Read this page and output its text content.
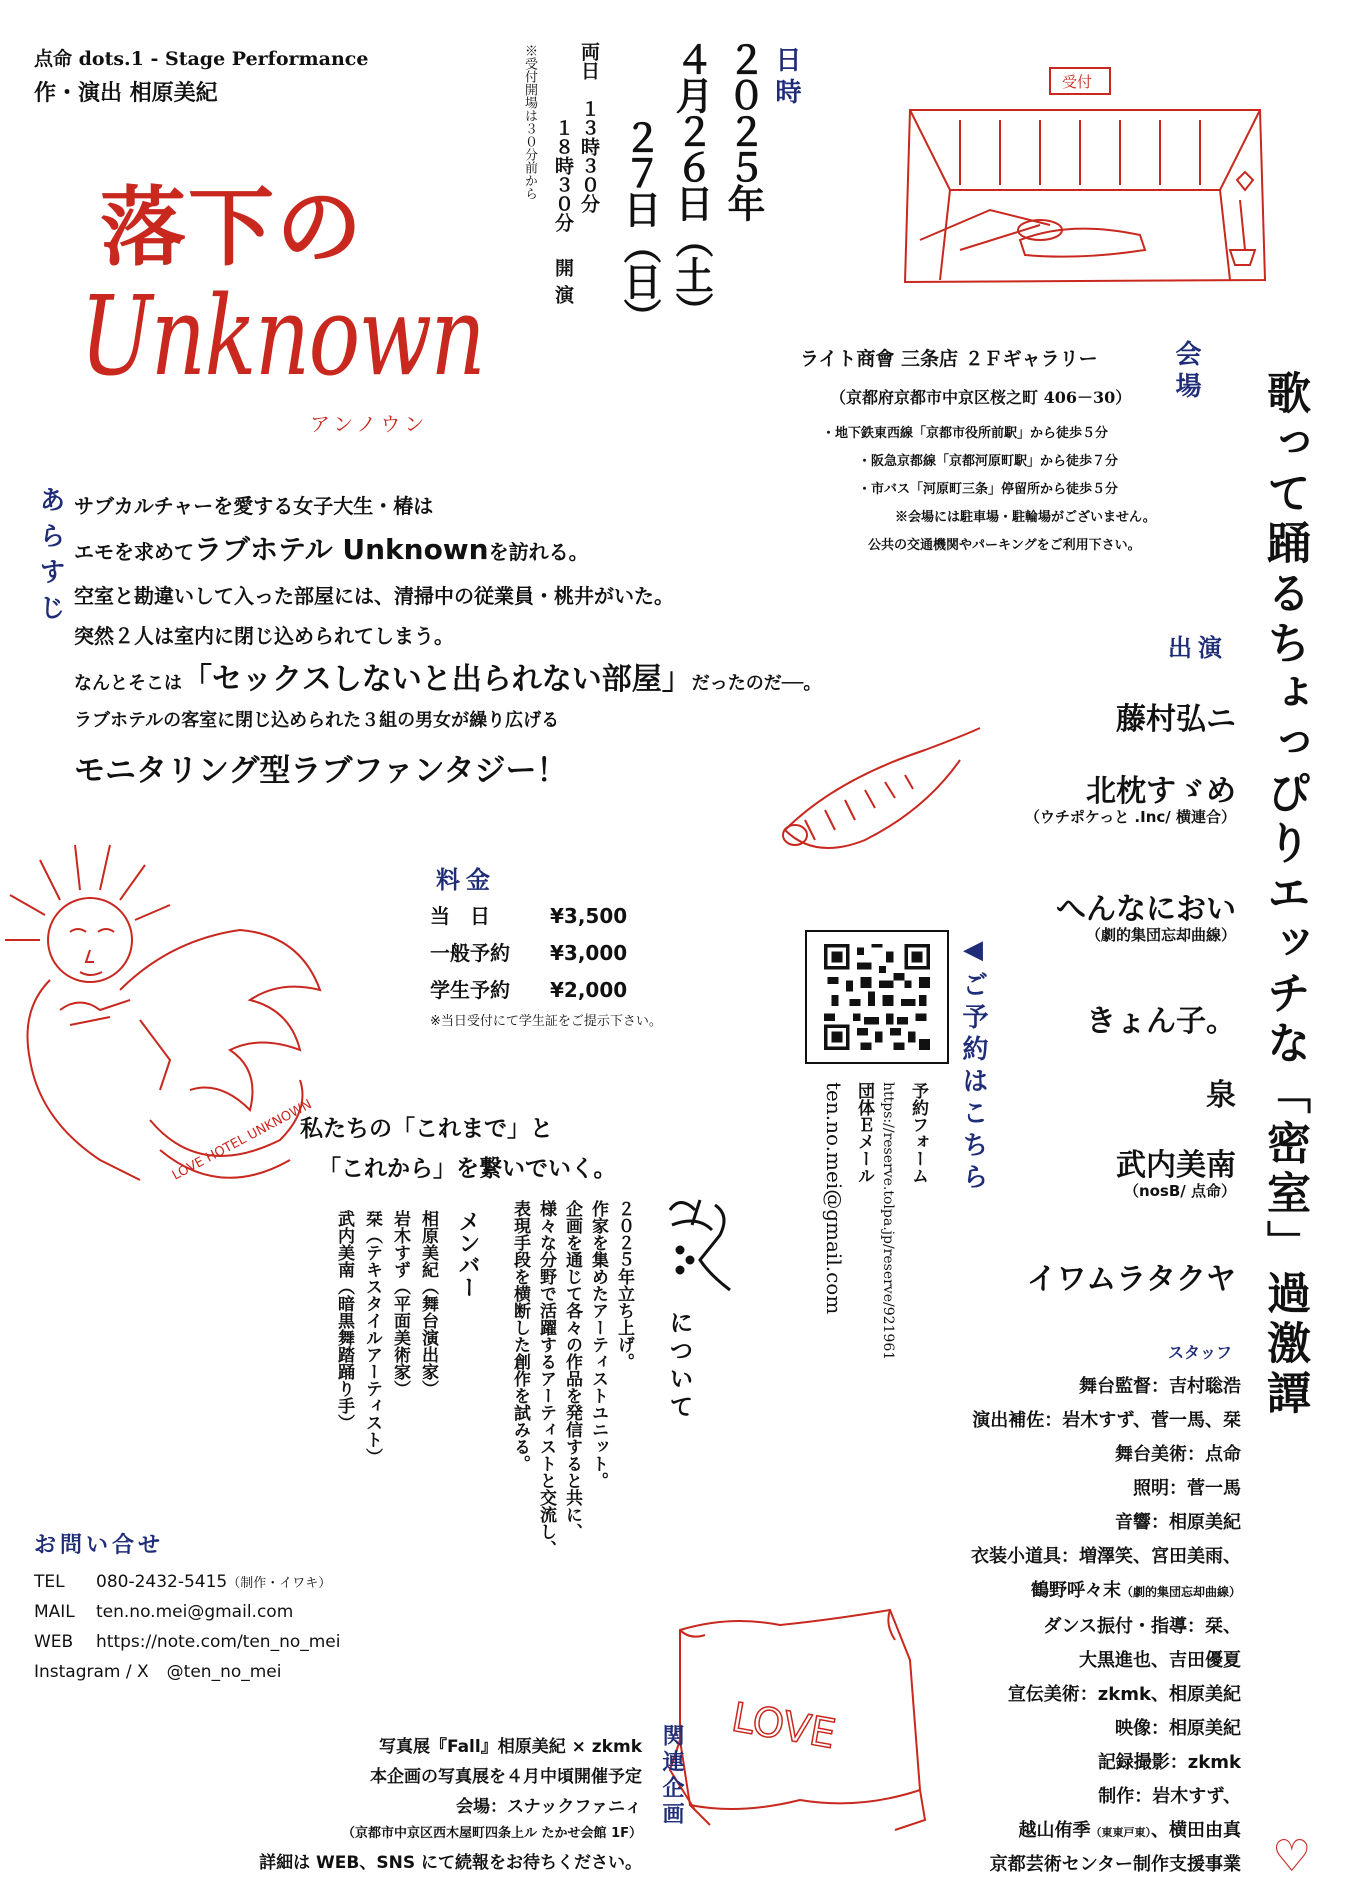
点命 dots.1 - Stage Performance
作・演出 相原美紀
落下の
Unknown
アンノウン
日時
２０２５年
４月２６日（土）
２７日（日）
両日　１３時３０分
１８時３０分
開演
※受付開場は３０分前から	受付
会場
ライト商會 三条店 ２Ｆギャラリー
（京都府京都市中京区桜之町 406－30）
・地下鉄東西線「京都市役所前駅」から徒歩５分
・阪急京都線「京都河原町駅」から徒歩７分
・市バス「河原町三条」停留所から徒歩５分
※会場には駐車場・駐輪場がございません。
公共の交通機関やパーキングをご利用下さい。	歌って踊るちょっぴりエッチな「密室」過激譚
♡
あらすじ サブカルチャーを愛する女子大生・椿は
エモを求めてラブホテル Unknownを訪れる。
空室と勘違いして入った部屋には、清掃中の従業員・桃井がいた。
突然２人は室内に閉じ込められてしまう。
なんとそこは「セックスしないと出られない部屋」だったのだ──。
ラブホテルの客室に閉じ込められた３組の男女が繰り広げる
モニタリング型ラブファンタジー！
出演
藤村弘ニ
北枕すゞめ
（ウチポケっと .Inc/ 横連合）
へんなにおい
（劇的集団忘却曲線）
きょん子。
泉
武内美南
（nosB/ 点命）
イワムラタクヤ
LOVE HOTEL UNKNOWN
料金
当　日	¥3,500
一般予約 ¥3,000
学生予約 ¥2,000
※当日受付にて学生証をご提示下さい。	◀ご予約はこちら
予約フォーム
https://reserve.tolpa.jp/reserve/921961
団体Ｅメール
ten.no.mei@gmail.com
私たちの「これまで」と
「これから」を繋いでいく。
について
２０２５年立ち上げ。
作家を集めたアーティストユニット。
企画を通じて各々の作品を発信すると共に、
様々な分野で活躍するアーティストと交流し、
表現手段を横断した創作を試みる。
メンバー
相原美紀（舞台演出家）
岩木すず（平面美術家）
栞（テキスタイルアーティスト）
武内美南（暗黒舞踏踊り手）
お問い合せ
TEL 080-2432-5415（制作・イワキ）
MAIL ten.no.mei@gmail.com
WEB https://note.com/ten_no_mei
Instagram / X @ten_no_mei
LOVE
関連企画
写真展『Fall』相原美紀 × zkmk
本企画の写真展を４月中頃開催予定
会場：スナックファニィ
（京都市中京区西木屋町四条上ル たかせ会館 1F）
詳細は WEB、SNS にて続報をお待ちください。
スタッフ
舞台監督：吉村聡浩
演出補佐：岩木すず、菅一馬、栞
舞台美術：点命
照明：菅一馬
音響：相原美紀
衣装小道具：増澤笑、宮田美雨、
鶴野呼々末（劇的集団忘却曲線）
ダンス振付・指導：栞、
大黒進也、吉田優夏
宣伝美術：zkmk、相原美紀
映像：相原美紀
記録撮影：zkmk
制作：岩木すず、
越山侑季（東東戸東）、横田由真
京都芸術センター制作支援事業
